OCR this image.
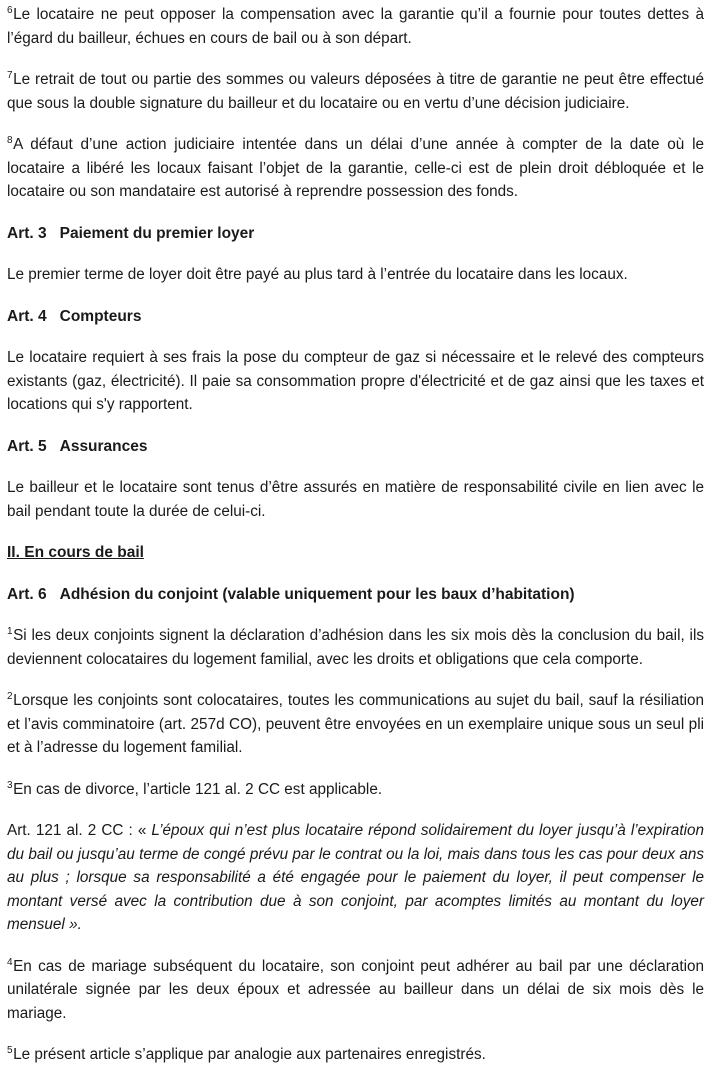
$^6$Le locataire ne peut opposer la compensation avec la garantie qu’il a fournie pour toutes dettes à l’égard du bailleur, échues en cours de bail ou à son départ.

$^7$Le retrait de tout ou partie des sommes ou valeurs déposées à titre de garantie ne peut être effectué que sous la double signature du bailleur et du locataire ou en vertu d’une décision judiciaire.

$^8$A défaut d’une action judiciaire intentée dans un délai d’une année à compter de la date où le locataire a libéré les locaux faisant l’objet de la garantie, celle-ci est de plein droit débloquée et le locataire ou son mandataire est autorisé à reprendre possession des fonds.

Art. 3 Paiement du premier loyer

Le premier terme de loyer doit être payé au plus tard à l’entrée du locataire dans les locaux.

Art. 4 Compteurs

Le locataire requiert à ses frais la pose du compteur de gaz si nécessaire et le relevé des compteurs existants (gaz, électricité). Il paie sa consommation propre d'électricité et de gaz ainsi que les taxes et locations qui s'y rapportent.

Art. 5 Assurances

Le bailleur et le locataire sont tenus d’être assurés en matière de responsabilité civile en lien avec le bail pendant toute la durée de celui-ci.

II. En cours de bail
Art. 6 Adhésion du conjoint (valable uniquement pour les baux d’habitation)

$^1$Si les deux conjoints signent la déclaration d’adhésion dans les six mois dès la conclusion du bail, ils deviennent colocataires du logement familial, avec les droits et obligations que cela comporte.

$^2$Lorsque les conjoints sont colocataires, toutes les communications au sujet du bail, sauf la résiliation et l’avis comminatoire (art. 257d CO), peuvent être envoyées en un exemplaire unique sous un seul pli et à l’adresse du logement familial.

$^3$En cas de divorce, l’article 121 al. 2 CC est applicable.

Art. 121 al. 2 CC : « L’époux qui n’est plus locataire répond solidairement du loyer jusqu’à l’expiration du bail ou jusqu’au terme de congé prévu par le contrat ou la loi, mais dans tous les cas pour deux ans au plus ; lorsque sa responsabilité a été engagée pour le paiement du loyer, il peut compenser le montant versé avec la contribution due à son conjoint, par acomptes limités au montant du loyer mensuel ».

$^4$En cas de mariage subséquent du locataire, son conjoint peut adhérer au bail par une déclaration unilatérale signée par les deux époux et adressée au bailleur dans un délai de six mois dès le mariage.

$^5$Le présent article s’applique par analogie aux partenaires enregistrés.
